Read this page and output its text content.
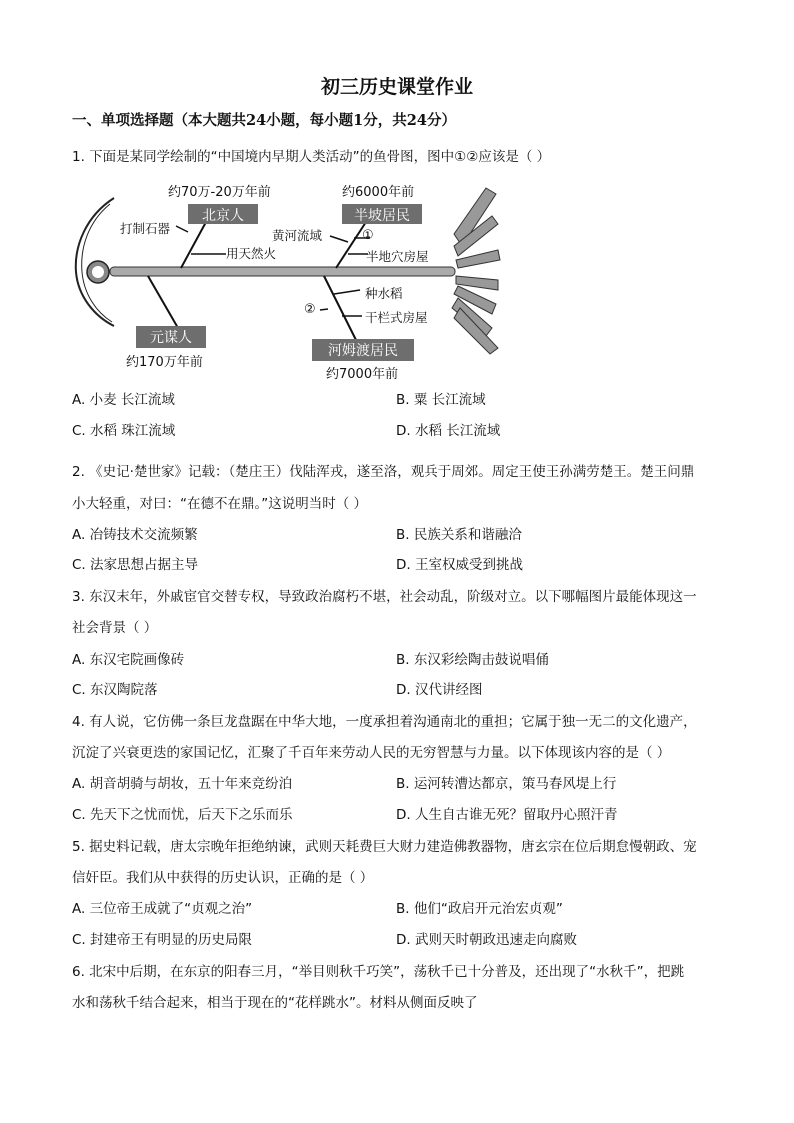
初三历史课堂作业
一、单项选择题（本大题共24小题，每小题1分，共24分）
1. 下面是某同学绘制的“中国境内早期人类活动”的鱼骨图，图中①②应该是（ ）
约70万-20万年前
北京人
打制石器
用天然火
约6000年前
半坡居民
黄河流域	①
半地穴房屋
元谋人
约170万年前
②
种水稻
干栏式房屋
河姆渡居民
约7000年前
A. 小麦 长江流域	B. 粟 长江流域
C. 水稻 珠江流域	D. 水稻 长江流域
2. 《史记·楚世家》记载：（楚庄王）伐陆浑戎，遂至洛，观兵于周郊。周定王使王孙满劳楚王。楚王问鼎
小大轻重，对曰：“在德不在鼎。”这说明当时（ ）
A. 冶铸技术交流频繁	B. 民族关系和谐融洽
C. 法家思想占据主导	D. 王室权威受到挑战
3. 东汉末年，外戚宦官交替专权，导致政治腐朽不堪，社会动乱，阶级对立。以下哪幅图片最能体现这一
社会背景（ ）
A. 东汉宅院画像砖	B. 东汉彩绘陶击鼓说唱俑
C. 东汉陶院落	D. 汉代讲经图
4. 有人说，它仿佛一条巨龙盘踞在中华大地，一度承担着沟通南北的重担；它属于独一无二的文化遗产，
沉淀了兴衰更迭的家国记忆，汇聚了千百年来劳动人民的无穷智慧与力量。以下体现该内容的是（ ）
A. 胡音胡骑与胡妆，五十年来竞纷泊	B. 运河转漕达都京，策马春风堤上行
C. 先天下之忧而忧，后天下之乐而乐	D. 人生自古谁无死？留取丹心照汗青
5. 据史料记载，唐太宗晚年拒绝纳谏，武则天耗费巨大财力建造佛教器物，唐玄宗在位后期怠慢朝政、宠
信奸臣。我们从中获得的历史认识，正确的是（ ）
A. 三位帝王成就了“贞观之治”	B. 他们“政启开元治宏贞观”
C. 封建帝王有明显的历史局限	D. 武则天时朝政迅速走向腐败
6. 北宋中后期，在东京的阳春三月，“举目则秋千巧笑”，荡秋千已十分普及，还出现了“水秋千”，把跳
水和荡秋千结合起来，相当于现在的“花样跳水”。材料从侧面反映了
